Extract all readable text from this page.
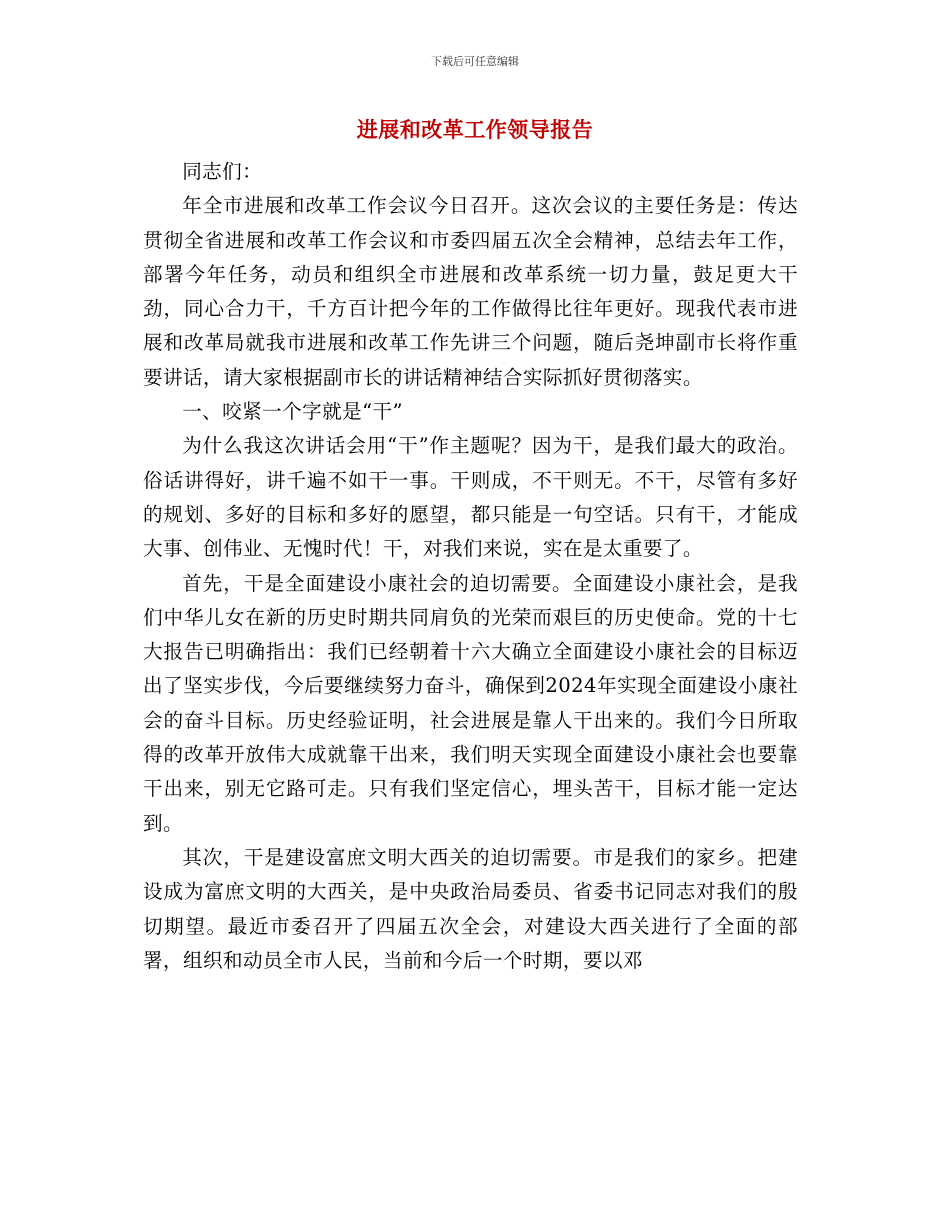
下载后可任意编辑
进展和改革工作领导报告

同志们：

年全市进展和改革工作会议今日召开。这次会议的主要任务是：传达贯彻全省进展和改革工作会议和市委四届五次全会精神，总结去年工作，部署今年任务，动员和组织全市进展和改革系统一切力量，鼓足更大干劲，同心合力干，千方百计把今年的工作做得比往年更好。现我代表市进展和改革局就我市进展和改革工作先讲三个问题，随后尧坤副市长将作重要讲话，请大家根据副市长的讲话精神结合实际抓好贯彻落实。

一、咬紧一个字就是“干”

为什么我这次讲话会用“干”作主题呢？因为干，是我们最大的政治。俗话讲得好，讲千遍不如干一事。干则成，不干则无。不干，尽管有多好的规划、多好的目标和多好的愿望，都只能是一句空话。只有干，才能成大事、创伟业、无愧时代！干，对我们来说，实在是太重要了。

首先，干是全面建设小康社会的迫切需要。全面建设小康社会，是我们中华儿女在新的历史时期共同肩负的光荣而艰巨的历史使命。党的十七大报告已明确指出：我们已经朝着十六大确立全面建设小康社会的目标迈出了坚实步伐，今后要继续努力奋斗，确保到2024年实现全面建设小康社会的奋斗目标。历史经验证明，社会进展是靠人干出来的。我们今日所取得的改革开放伟大成就靠干出来，我们明天实现全面建设小康社会也要靠干出来，别无它路可走。只有我们坚定信心，埋头苦干，目标才能一定达到。

其次，干是建设富庶文明大西关的迫切需要。市是我们的家乡。把建设成为富庶文明的大西关，是中央政治局委员、省委书记同志对我们的殷切期望。最近市委召开了四届五次全会，对建设大西关进行了全面的部署，组织和动员全市人民，当前和今后一个时期，要以邓
